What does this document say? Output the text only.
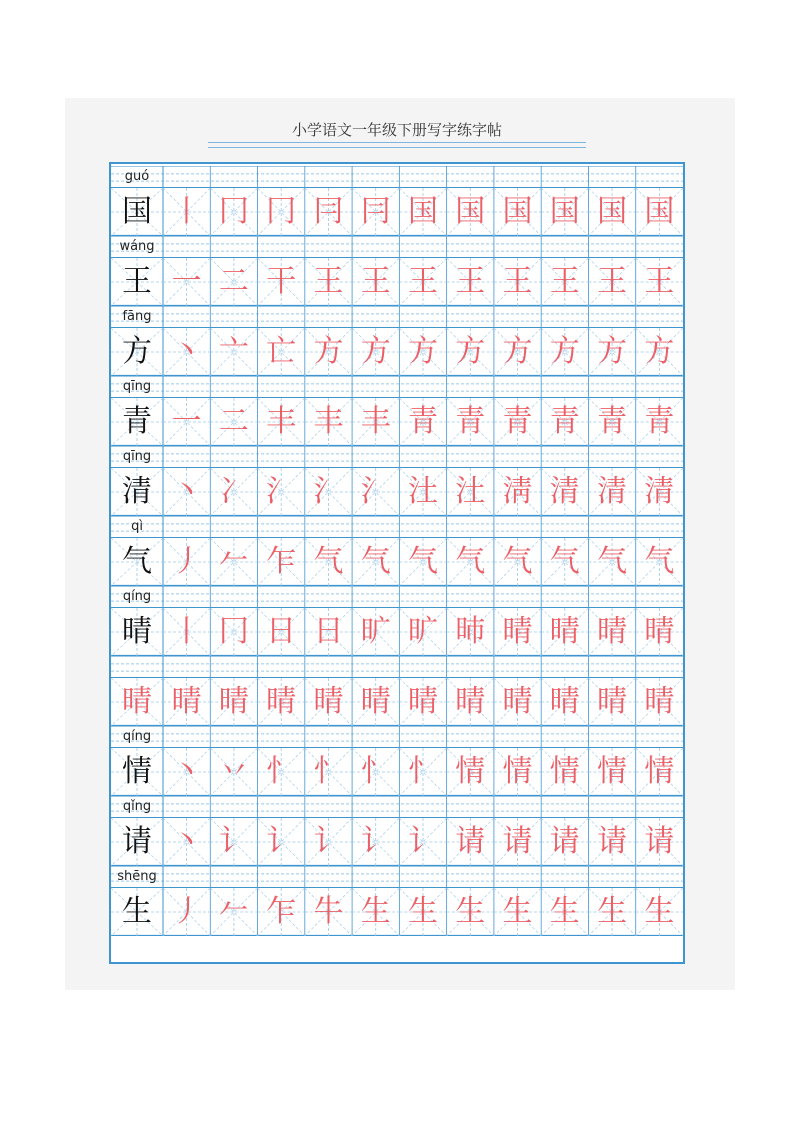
小学语文一年级下册写字练字帖
guó
国 丨 冂 冂 冃 冃 国 国 国 国 国 国
wáng
王 一 二 干 王 王 王 王 王 王 王 王
fāng
方 丶 亠 亡 方 方 方 方 方 方 方 方
qīng
青 一 二 丰 丰 丰 青 青 青 青 青 青
qīng
清 丶 冫 氵 氵 氵 汢 汢 淸 清 清 清
qì
气 丿 𠂉 乍 气 气 气 气 气 气 气 气
qíng
晴 丨 冂 日 日 旷 旷 昁 晴 晴 晴 晴
晴 晴 晴 晴 晴 晴 晴 晴 晴 晴 晴 晴
qíng
情 丶 丷 忄 忄 忄 忄 情 情 情 情 情
qǐng
请 丶 讠 讠 讠 讠 讠 请 请 请 请 请
shēng
生 丿 𠂉 乍 牛 生 生 生 生 生 生 生
